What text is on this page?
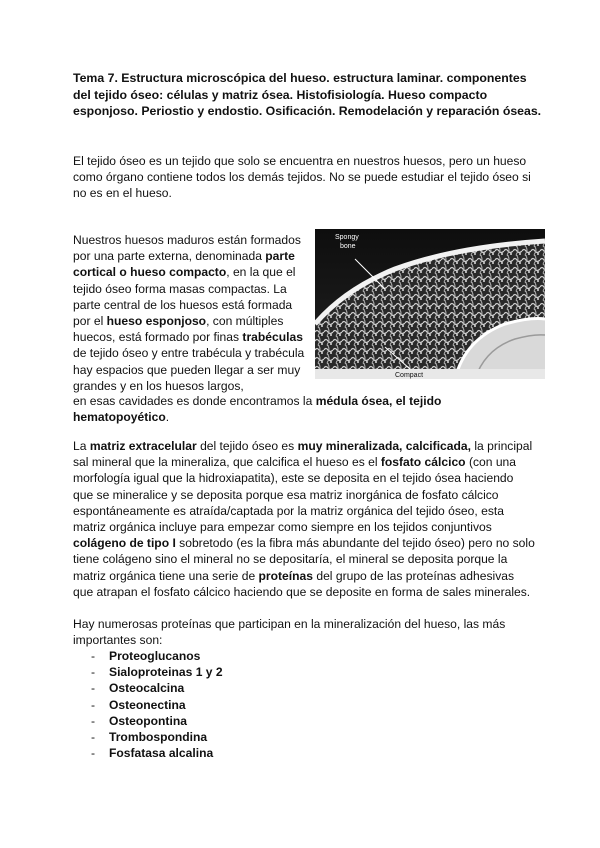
Tema 7. Estructura microscópica del hueso. estructura laminar. componentes del tejido óseo: células y matriz ósea. Histofisiología. Hueso compacto esponjoso. Periostio y endostio. Osificación. Remodelación y reparación óseas.

El tejido óseo es un tejido que solo se encuentra en nuestros huesos, pero un hueso como órgano contiene todos los demás tejidos. No se puede estudiar el tejido óseo si no es en el hueso.

Nuestros huesos maduros están formados por una parte externa, denominada parte cortical o hueso compacto, en la que el tejido óseo forma masas compactas. La parte central de los huesos está formada por el hueso esponjoso, con múltiples huecos, está formado por finas trabéculas de tejido óseo y entre trabécula y trabécula hay espacios que pueden llegar a ser muy grandes y en los huesos largos,

Spongy
bone
Compact

en esas cavidades es donde encontramos la médula ósea, el tejido hematopoyético.

La matriz extracelular del tejido óseo es muy mineralizada, calcificada, la principal sal mineral que la mineraliza, que calcifica el hueso es el fosfato cálcico (con una morfología igual que la hidroxiapatita), este se deposita en el tejido ósea haciendo que se mineralice y se deposita porque esa matriz inorgánica de fosfato cálcico espontáneamente es atraída/captada por la matriz orgánica del tejido óseo, esta matriz orgánica incluye para empezar como siempre en los tejidos conjuntivos colágeno de tipo I sobretodo (es la fibra más abundante del tejido óseo) pero no solo tiene colágeno sino el mineral no se depositaría, el mineral se deposita porque la matriz orgánica tiene una serie de proteínas del grupo de las proteínas adhesivas que atrapan el fosfato cálcico haciendo que se deposite en forma de sales minerales.

Hay numerosas proteínas que participan en la mineralización del hueso, las más importantes son:

- Proteoglucanos
- Sialoproteinas 1 y 2
- Osteocalcina
- Osteonectina
- Osteopontina
- Trombospondina
- Fosfatasa alcalina
